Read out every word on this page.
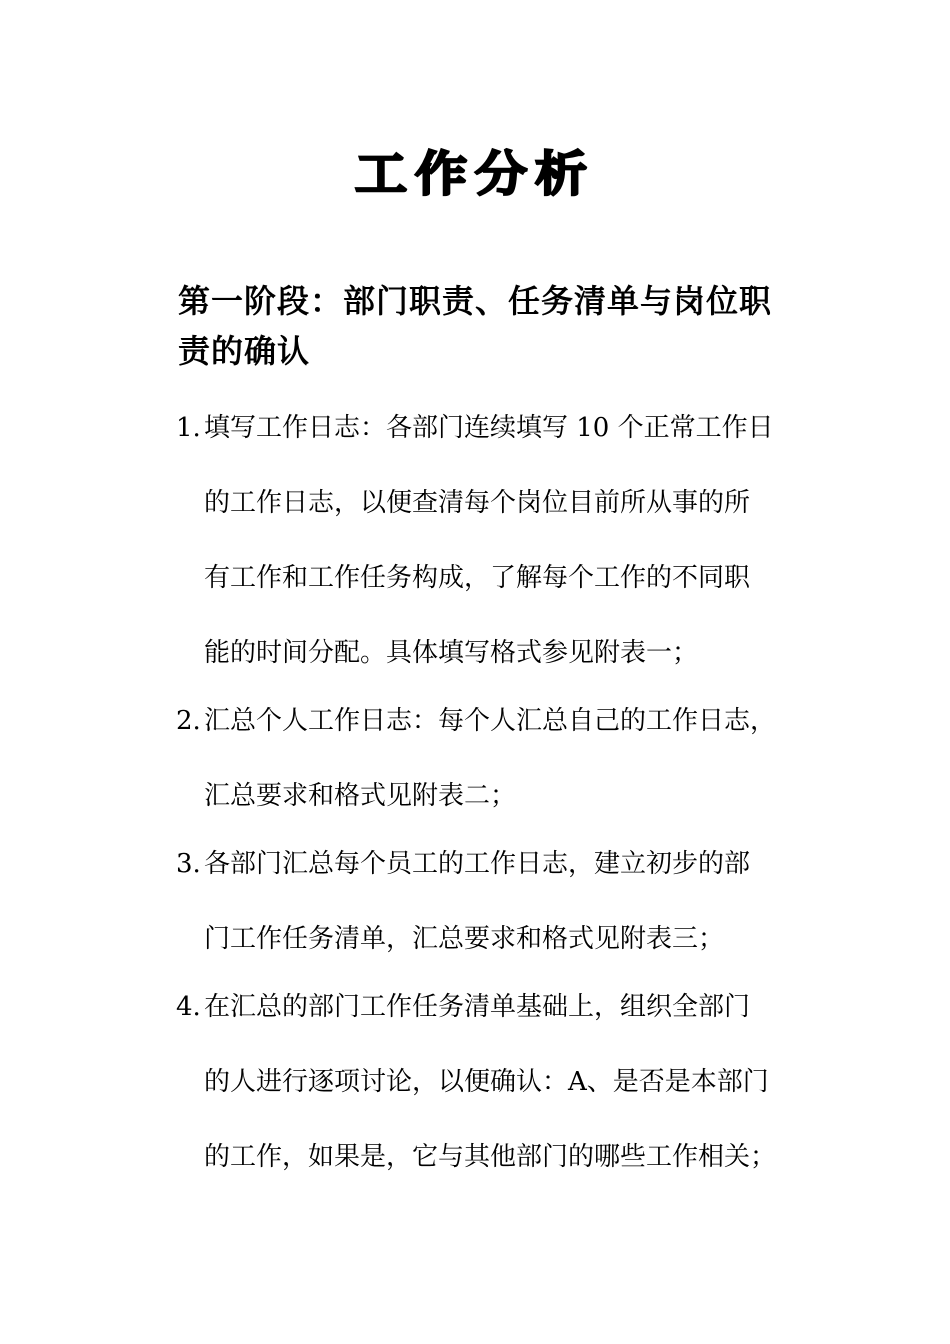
工作分析
第一阶段：部门职责、任务清单与岗位职
责的确认
1. 填写工作日志：各部门连续填写 10 个正常工作日
的工作日志，以便查清每个岗位目前所从事的所
有工作和工作任务构成，了解每个工作的不同职
能的时间分配。具体填写格式参见附表一；
2. 汇总个人工作日志：每个人汇总自己的工作日志，
汇总要求和格式见附表二；
3. 各部门汇总每个员工的工作日志，建立初步的部
门工作任务清单，汇总要求和格式见附表三；
4. 在汇总的部门工作任务清单基础上，组织全部门
的人进行逐项讨论，以便确认：A、是否是本部门
的工作，如果是，它与其他部门的哪些工作相关；
